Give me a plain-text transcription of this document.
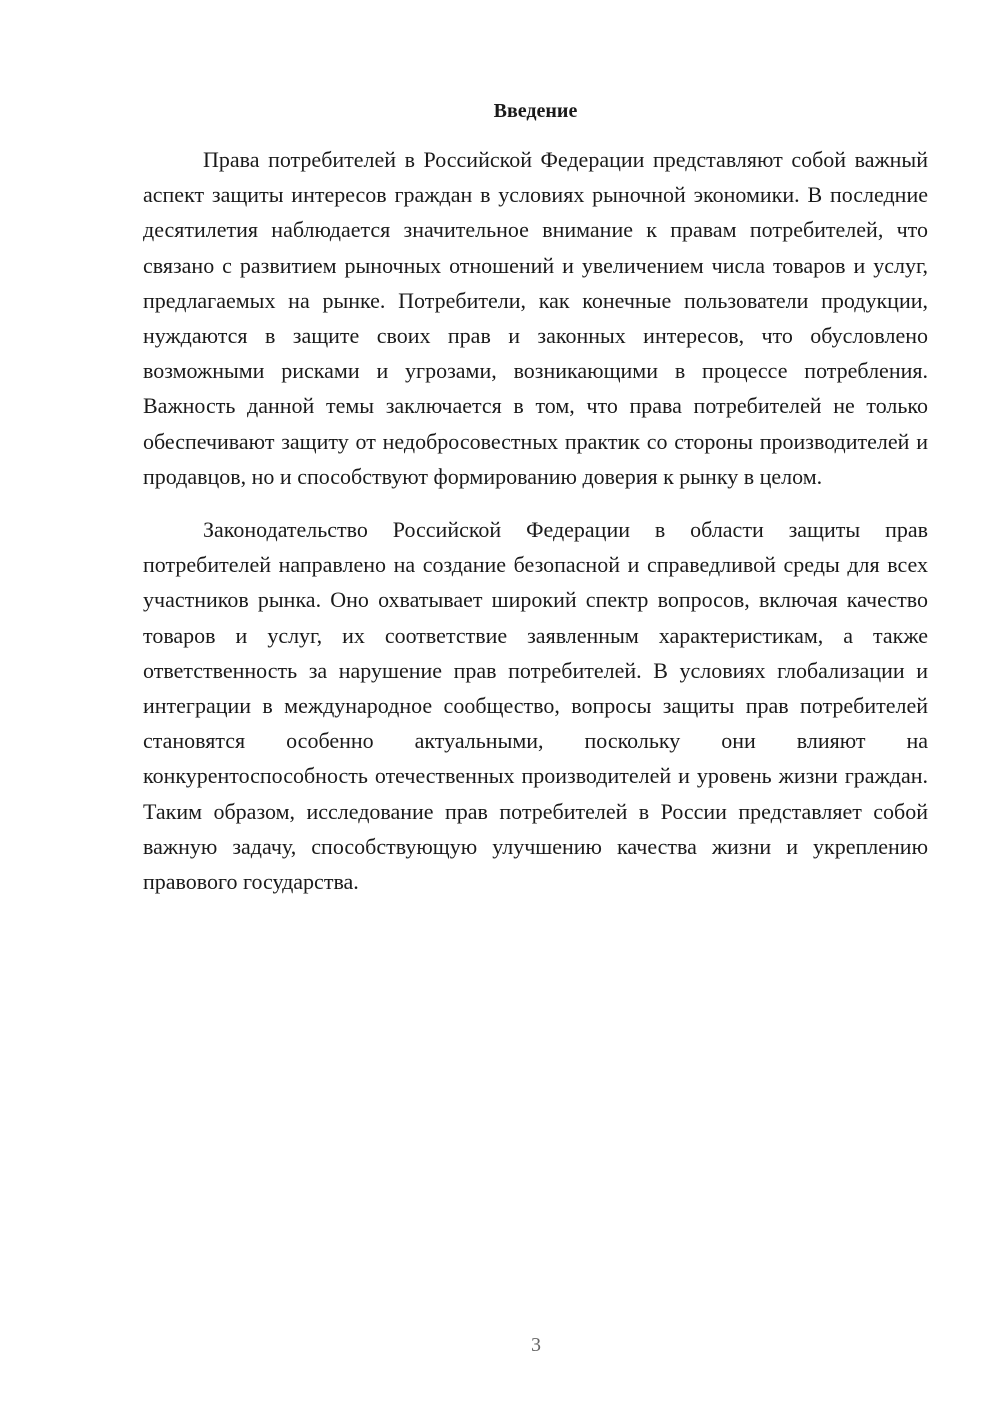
Введение

Права потребителей в Российской Федерации представляют собой важный аспект защиты интересов граждан в условиях рыночной экономики. В последние десятилетия наблюдается значительное внимание к правам потребителей, что связано с развитием рыночных отношений и увеличением числа товаров и услуг, предлагаемых на рынке. Потребители, как конечные пользователи продукции, нуждаются в защите своих прав и законных интересов, что обусловлено возможными рисками и угрозами, возникающими в процессе потребления. Важность данной темы заключается в том, что права потребителей не только обеспечивают защиту от недобросовестных практик со стороны производителей и продавцов, но и способствуют формированию доверия к рынку в целом.

Законодательство Российской Федерации в области защиты прав потребителей направлено на создание безопасной и справедливой среды для всех участников рынка. Оно охватывает широкий спектр вопросов, включая качество товаров и услуг, их соответствие заявленным характеристикам, а также ответственность за нарушение прав потребителей. В условиях глобализации и интеграции в международное сообщество, вопросы защиты прав потребителей становятся особенно актуальными, поскольку они влияют на конкурентоспособность отечественных производителей и уровень жизни граждан. Таким образом, исследование прав потребителей в России представляет собой важную задачу, способствующую улучшению качества жизни и укреплению правового государства.

3
